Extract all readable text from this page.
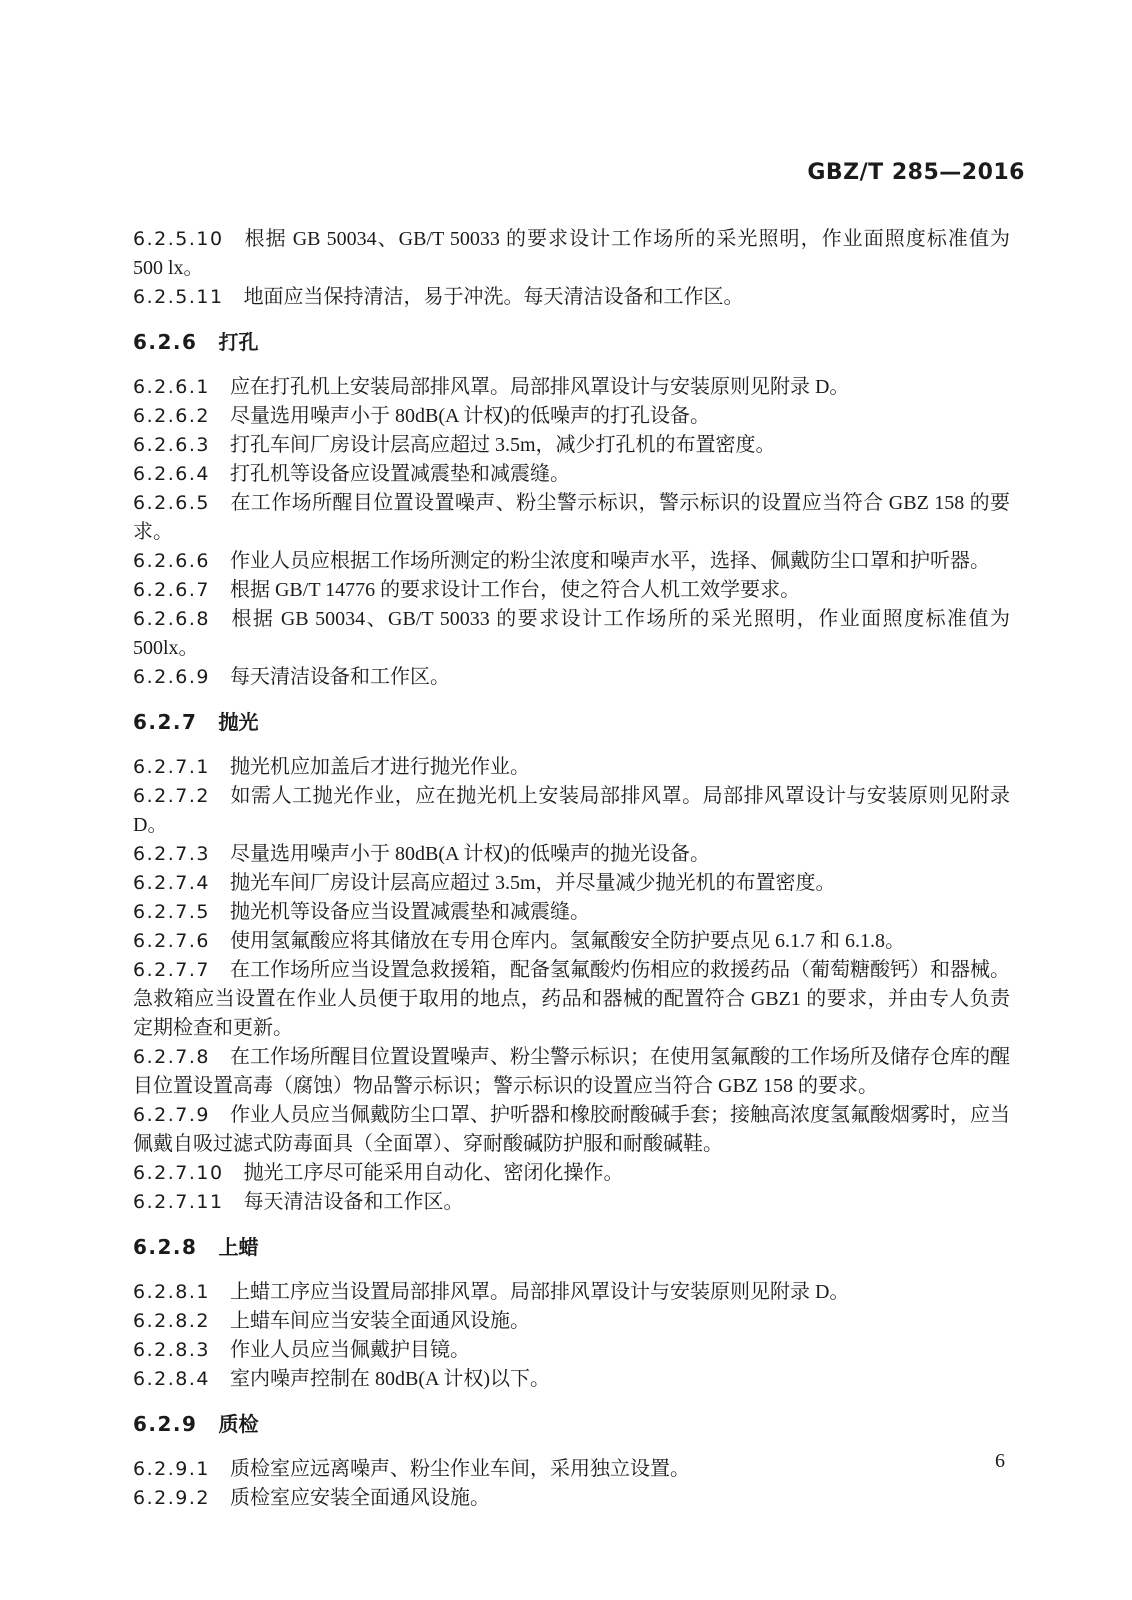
GBZ/T 285—2016

6.2.5.10 根据 GB 50034、GB/T 50033 的要求设计工作场所的采光照明，作业面照度标准值为 500 lx。

6.2.5.11 地面应当保持清洁，易于冲洗。每天清洁设备和工作区。

6.2.6 打孔

6.2.6.1 应在打孔机上安装局部排风罩。局部排风罩设计与安装原则见附录 D。

6.2.6.2 尽量选用噪声小于 80dB(A 计权)的低噪声的打孔设备。

6.2.6.3 打孔车间厂房设计层高应超过 3.5m，减少打孔机的布置密度。

6.2.6.4 打孔机等设备应设置减震垫和减震缝。

6.2.6.5 在工作场所醒目位置设置噪声、粉尘警示标识，警示标识的设置应当符合 GBZ 158 的要求。

6.2.6.6 作业人员应根据工作场所测定的粉尘浓度和噪声水平，选择、佩戴防尘口罩和护听器。

6.2.6.7 根据 GB/T 14776 的要求设计工作台，使之符合人机工效学要求。

6.2.6.8 根据 GB 50034、GB/T 50033 的要求设计工作场所的采光照明，作业面照度标准值为 500lx。

6.2.6.9 每天清洁设备和工作区。

6.2.7 抛光

6.2.7.1 抛光机应加盖后才进行抛光作业。

6.2.7.2 如需人工抛光作业，应在抛光机上安装局部排风罩。局部排风罩设计与安装原则见附录 D。

6.2.7.3 尽量选用噪声小于 80dB(A 计权)的低噪声的抛光设备。

6.2.7.4 抛光车间厂房设计层高应超过 3.5m，并尽量减少抛光机的布置密度。

6.2.7.5 抛光机等设备应当设置减震垫和减震缝。

6.2.7.6 使用氢氟酸应将其储放在专用仓库内。氢氟酸安全防护要点见 6.1.7 和 6.1.8。

6.2.7.7 在工作场所应当设置急救援箱，配备氢氟酸灼伤相应的救援药品（葡萄糖酸钙）和器械。急救箱应当设置在作业人员便于取用的地点，药品和器械的配置符合 GBZ1 的要求，并由专人负责定期检查和更新。

6.2.7.8 在工作场所醒目位置设置噪声、粉尘警示标识；在使用氢氟酸的工作场所及储存仓库的醒目位置设置高毒（腐蚀）物品警示标识；警示标识的设置应当符合 GBZ 158 的要求。

6.2.7.9 作业人员应当佩戴防尘口罩、护听器和橡胶耐酸碱手套；接触高浓度氢氟酸烟雾时，应当佩戴自吸过滤式防毒面具（全面罩）、穿耐酸碱防护服和耐酸碱鞋。

6.2.7.10 抛光工序尽可能采用自动化、密闭化操作。

6.2.7.11 每天清洁设备和工作区。

6.2.8 上蜡

6.2.8.1 上蜡工序应当设置局部排风罩。局部排风罩设计与安装原则见附录 D。

6.2.8.2 上蜡车间应当安装全面通风设施。

6.2.8.3 作业人员应当佩戴护目镜。

6.2.8.4 室内噪声控制在 80dB(A 计权)以下。

6.2.9 质检

6.2.9.1 质检室应远离噪声、粉尘作业车间，采用独立设置。

6.2.9.2 质检室应安装全面通风设施。

6
